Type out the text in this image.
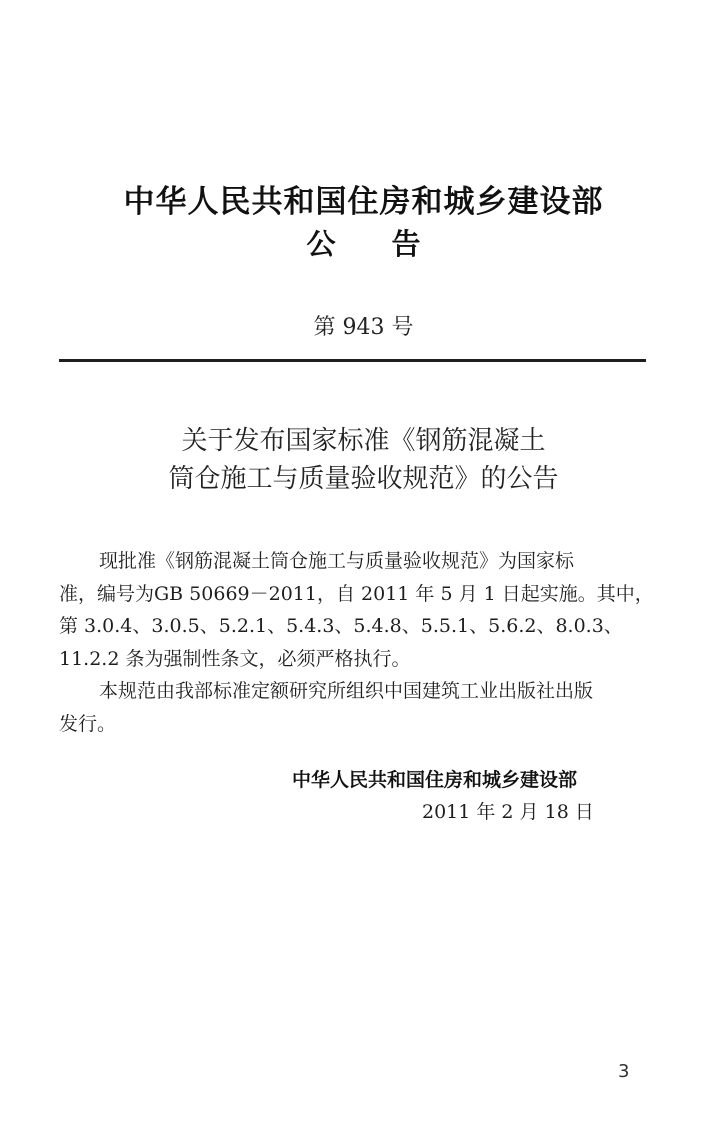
中华人民共和国住房和城乡建设部
公 告
第 943 号
关于发布国家标准《钢筋混凝土
筒仓施工与质量验收规范》的公告

现批准《钢筋混凝土筒仓施工与质量验收规范》为国家标
准，编号为GB 50669－2011，自 2011 年 5 月 1 日起实施。其中，
第 3.0.4、3.0.5、5.2.1、5.4.3、5.4.8、5.5.1、5.6.2、8.0.3、
11.2.2 条为强制性条文，必须严格执行。

本规范由我部标准定额研究所组织中国建筑工业出版社出版
发行。

中华人民共和国住房和城乡建设部
2011 年 2 月 18 日
3
